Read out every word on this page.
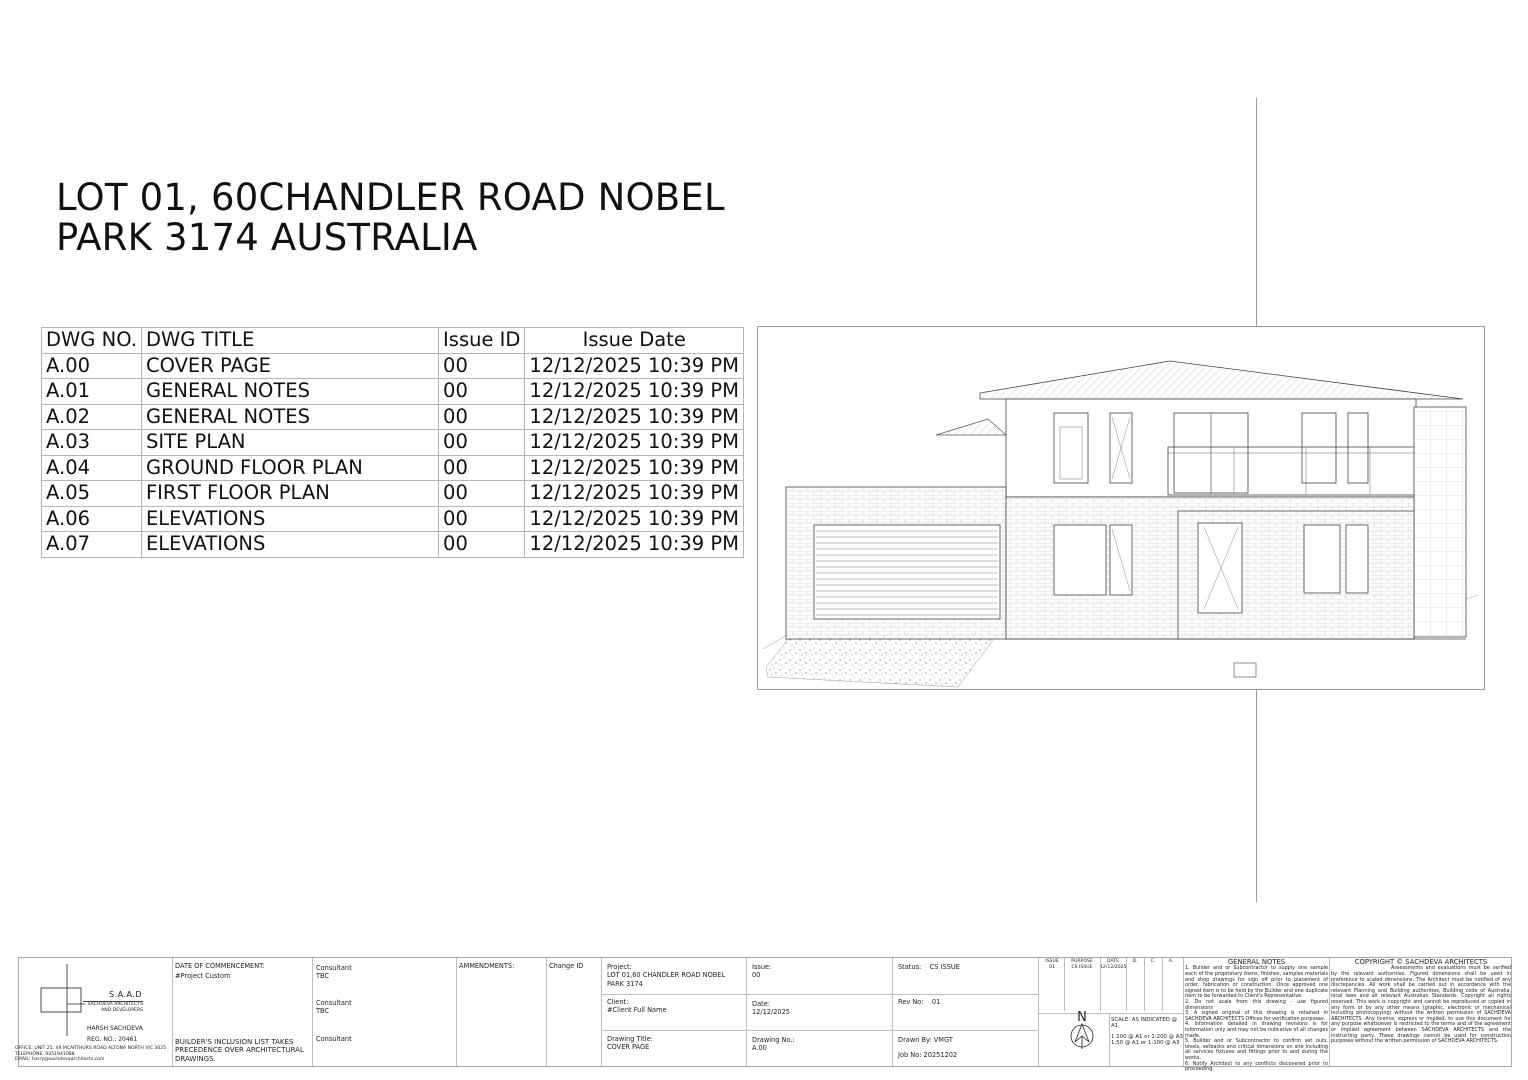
LOT 01, 60CHANDLER ROAD NOBEL
PARK 3174 AUSTRALIA
DWG NO.	DWG TITLE	Issue ID	Issue Date
A.00	COVER PAGE	00	12/12/2025 10:39 PM
A.01	GENERAL NOTES	00	12/12/2025 10:39 PM
A.02	GENERAL NOTES	00	12/12/2025 10:39 PM
A.03	SITE PLAN	00	12/12/2025 10:39 PM
A.04	GROUND FLOOR PLAN	00	12/12/2025 10:39 PM
A.05	FIRST FLOOR PLAN	00	12/12/2025 10:39 PM
A.06	ELEVATIONS	00	12/12/2025 10:39 PM
A.07	ELEVATIONS	00	12/12/2025 10:39 PM
S.A.A.D
SACHDEVA ARCHITECTS
AND DEVELOPERS
HARSH SACHDEVA
REG. NO.: 20461
OFFICE: UNIT 25, 49 MCARTHURS ROAD ALTONA NORTH VIC 3025
TELEPHONE: 0451941088
EMAIL: harry@sachdevaarchitects.com
DATE OF COMMENCEMENT:
#Project Custom
BUILDER'S INCLUSION LIST TAKES PRECEDENCE OVER ARCHITECTURAL DRAWINGS.
Consultant
TBC
Consultant
TBC
Consultant
AMMENDMENTS:	Change ID	Project:
LOT 01,60 CHANDLER ROAD NOBEL PARK 3174
Client:
#Client Full Name
Drawing Title:
COVER PAGE
Issue:
00
Date:
12/12/2025
Drawing No.:
A.00
Status: CS ISSUE
Rev No: 01
Drawn By: VMGT
Job No: 20251202
ISSUE	PURPOSE	DATE	D.	C.	A.
01	CS ISSUE	12/12/2025
N	SCALE: AS INDICATED @ A1
1:100 @ A1 or 1:200 @ A3
1:50 @ A1 or 1:100 @ A3
GENERAL NOTES
1. Builder and or Subcontractor to supply one sample each of the proprietary items, finishes, samples materials and shop drawings for sign off prior to placement of order, fabrication or construction. Once approved one signed item is to be held by the Builder and one duplicate item to be forwarded to Client's Representative.
2. Do not scale from this drawing - use figured dimensions
3. A signed original of this drawing is retained in SACHDEVA ARCHITECTS Offices for verification purposes.
4. Information detailed in drawing revisions is for information only and may not be indicative of all changes made.
5. Builder and or Subcontractor to confirm set outs, levels, setbacks and critical dimensions on site including all services fixtures and fittings prior to and during the works.
6. Notify Architect to any conflicts discovered prior to proceeding.
COPYRIGHT © SACHDEVA ARCHITECTS
Assessments and evaluations must be verified by the relevant authorities. Figured dimensions shall be used in preference to scaled dimensions. The Architect must be notified of any discrepancies. All work shall be carried out in accordance with the relevant Planning and Building authorities, Building code of Australia, local laws and all relevant Australian Standards. Copyright all rights reserved. This work is copyright and cannot be reproduced or copied in any form or by any other means (graphic, electronic or mechanical including photocopying) without the written permission of SACHDEVA ARCHITECTS. Any licence, express or implied, to use this document for any purpose whatsoever is restricted to the terms and of the agreement or implied agreement between SACHDEVA ARCHITECTS and the instructing party. These drawings cannot be used for construction purposes without the written permission of SACHDEVA ARCHITECTS.
